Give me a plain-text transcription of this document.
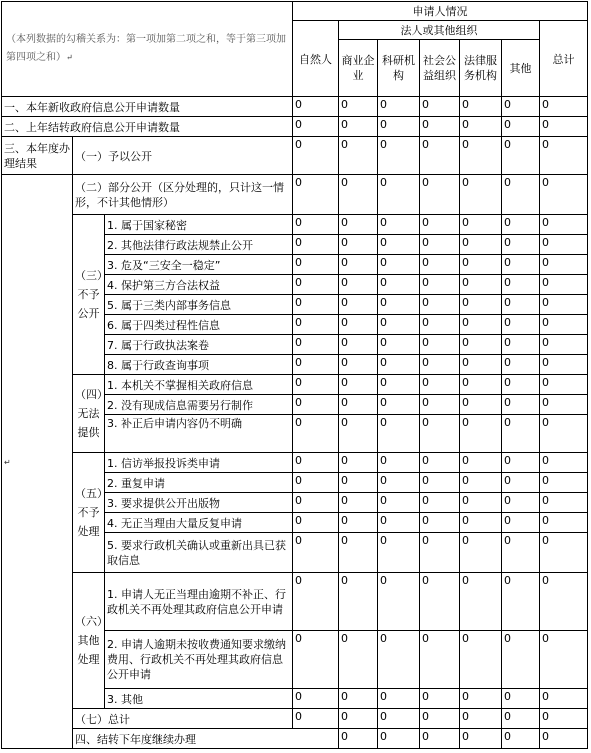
（本列数据的勾稽关系为：第一项加第二项之和，等于第三项加第四项之和）↵			申请人情况							
			自然人	法人或其他组织					总计	
				商业企业	科研机构	社会公益组织	法律服务机构	其他		
一、本年新收政府信息公开申请数量			0	0	0	0	0	0	0	
二、上年结转政府信息公开申请数量			0	0	0	0	0	0	0	
三、本年度办理结果	（一）予以公开		0	0	0	0	0	0	0	
↵	（二）部分公开（区分处理的，只计这一情形，不计其他情形）		0	0	0	0	0	0	0	
	（三）不予公开	1. 属于国家秘密	0	0	0	0	0	0	0	
		2. 其他法律行政法规禁止公开	0	0	0	0	0	0	0	
		3. 危及“三安全一稳定”	0	0	0	0	0	0	0	
		4. 保护第三方合法权益	0	0	0	0	0	0	0	
		5. 属于三类内部事务信息	0	0	0	0	0	0	0	
		6. 属于四类过程性信息	0	0	0	0	0	0	0	
		7. 属于行政执法案卷	0	0	0	0	0	0	0	
		8. 属于行政查询事项	0	0	0	0	0	0	0	
	（四）无法提供	1. 本机关不掌握相关政府信息	0	0	0	0	0	0	0	
		2. 没有现成信息需要另行制作	0	0	0	0	0	0	0	
		3. 补正后申请内容仍不明确	0	0	0	0	0	0	0	
	（五）不予处理	1. 信访举报投诉类申请	0	0	0	0	0	0	0	
		2. 重复申请	0	0	0	0	0	0	0	
		3. 要求提供公开出版物	0	0	0	0	0	0	0	
		4. 无正当理由大量反复申请	0	0	0	0	0	0	0	
		5. 要求行政机关确认或重新出具已获取信息	0	0	0	0	0	0	0	
	（六）其他处理	1. 申请人无正当理由逾期不补正、行政机关不再处理其政府信息公开申请	0	0	0	0	0	0	0	
		2. 申请人逾期未按收费通知要求缴纳费用、行政机关不再处理其政府信息公开申请	0	0	0	0	0	0	0	
		3. 其他	0	0	0	0	0	0	0	
	（七）总计		0	0	0	0	0	0	0	
	四、结转下年度继续办理			0	0	0	0	0	0	
